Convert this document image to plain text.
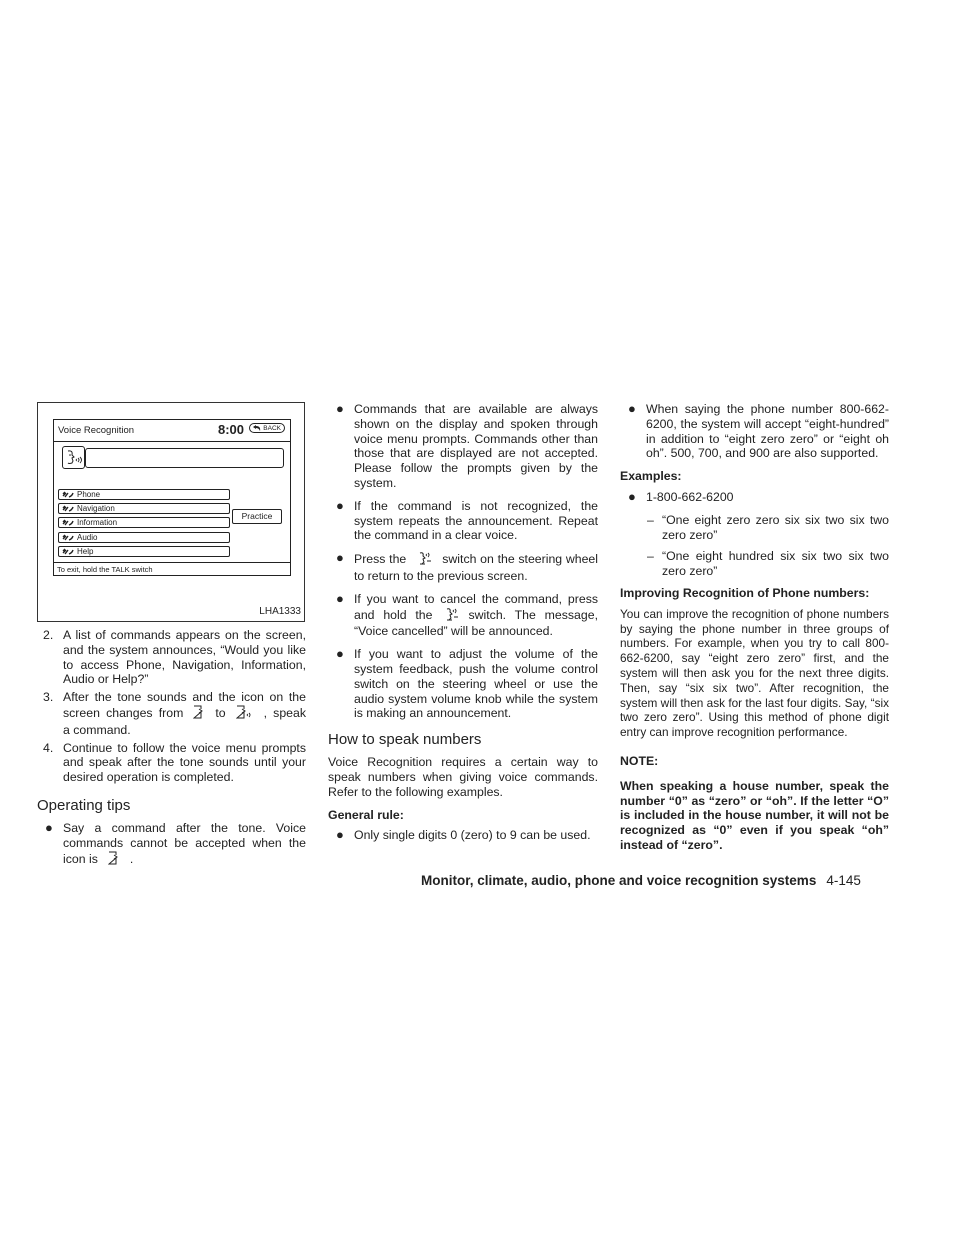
Voice Recognition	8:00	BACK
Phone
Navigation
Information
Audio
Help
Practice
To exit, hold the TALK switch
LHA1333
2. A list of commands appears on the screen, and the system announces, “Would you like to access Phone, Navigation, Information, Audio or Help?”
3. After the tone sounds and the icon on the screen changes from	to	, speak a command.
4. Continue to follow the voice menu prompts and speak after the tone sounds until your desired operation is completed.
Operating tips
● Say a command after the tone. Voice commands cannot be accepted when the icon is	.
● Commands that are available are always shown on the display and spoken through voice menu prompts. Commands other than those that are displayed are not accepted. Please follow the prompts given by the system.
● If the command is not recognized, the system repeats the announcement. Repeat the command in a clear voice.
● Press the	switch on the steering wheel to return to the previous screen.
● If you want to cancel the command, press and hold the	switch. The message, “Voice cancelled” will be announced.
● If you want to adjust the volume of the system feedback, push the volume control switch on the steering wheel or use the audio system volume knob while the system is making an announcement.
How to speak numbers

Voice Recognition requires a certain way to speak numbers when giving voice commands. Refer to the following examples.

General rule:
● Only single digits 0 (zero) to 9 can be used.
● When saying the phone number 800-662-6200, the system will accept “eight-hundred” in addition to “eight zero zero” or “eight oh oh”. 500, 700, and 900 are also supported.
Examples:
● 1-800-662-6200
– “One eight zero zero six six two six two zero zero”
– “One eight hundred six six two six two zero zero”
Improving Recognition of Phone numbers:

You can improve the recognition of phone numbers by saying the phone number in three groups of numbers. For example, when you try to call 800-662-6200, say “eight zero zero” first, and the system will then ask you for the next three digits. Then, say “six six two”. After recognition, the system will then ask for the last four digits. Say, “six two zero zero”. Using this method of phone digit entry can improve recognition performance.

NOTE:

When speaking a house number, speak the number “0” as “zero” or “oh”. If the letter “O” is included in the house number, it will not be recognized as “0” even if you speak “oh” instead of “zero”.

Monitor, climate, audio, phone and voice recognition systems 4-145
